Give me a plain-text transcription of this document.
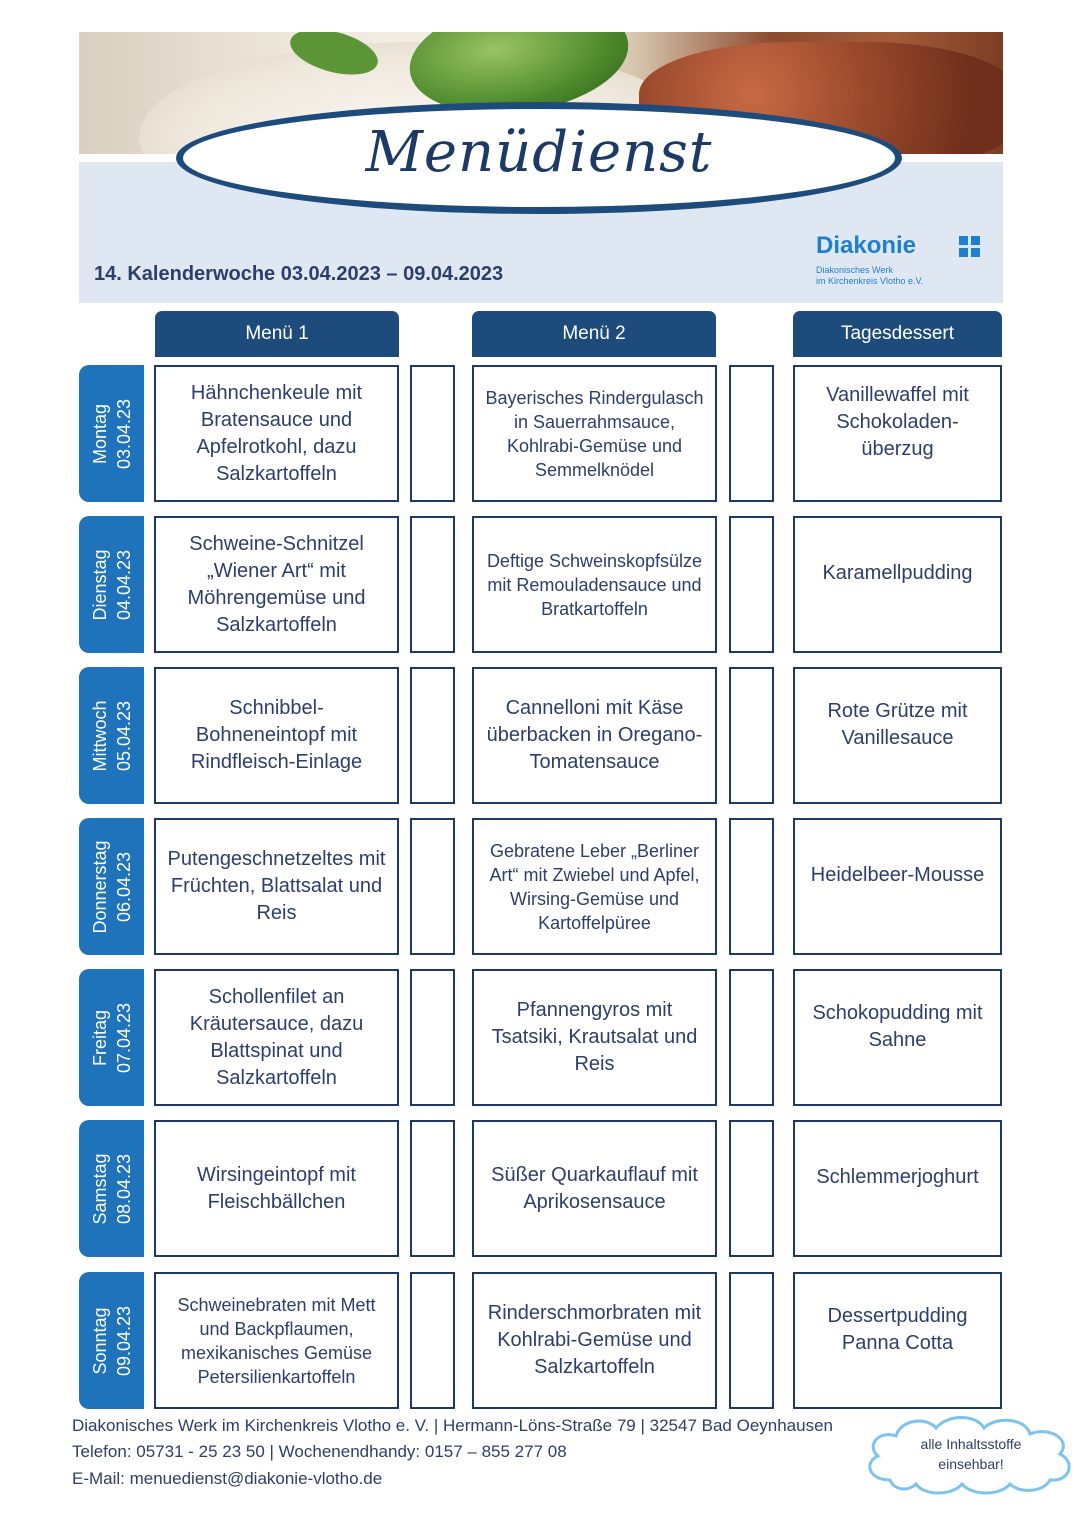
Menüdienst
14. Kalenderwoche 03.04.2023 – 09.04.2023
Diakonie
Diakonisches Werk
im Kirchenkreis Vlotho e.V.
Menü 1	Menü 2	Tagesdessert
Montag 03.04.23
Hähnchenkeule mit Bratensauce und Apfelrotkohl, dazu Salzkartoffeln
Bayerisches Rindergulasch in Sauerrahmsauce, Kohlrabi-Gemüse und Semmelknödel
Vanillewaffel mit Schokoladen-überzug
Dienstag 04.04.23
Schweine-Schnitzel „Wiener Art“ mit Möhrengemüse und Salzkartoffeln
Deftige Schweinskopfsülze mit Remouladensauce und Bratkartoffeln
Karamellpudding
Mittwoch 05.04.23	Schnibbel-Bohneneintopf mit Rindfleisch-Einlage
Cannelloni mit Käse überbacken in Oregano-Tomatensauce
Rote Grütze mit Vanillesauce
Donnerstag 06.04.23	Putengeschnetzeltes mit Früchten, Blattsalat und Reis
Gebratene Leber „Berliner Art“ mit Zwiebel und Apfel, Wirsing-Gemüse und Kartoffelpüree
Heidelbeer-Mousse
Freitag 07.04.23
Schollenfilet an Kräutersauce, dazu Blattspinat und Salzkartoffeln
Pfannengyros mit Tsatsiki, Krautsalat und Reis
Schokopudding mit Sahne
Samstag 08.04.23	Wirsingeintopf mit Fleischbällchen
Süßer Quarkauflauf mit Aprikosensauce
Schlemmerjoghurt
Sonntag 09.04.23
Schweinebraten mit Mett und Backpflaumen, mexikanisches Gemüse Petersilienkartoffeln
Rinderschmorbraten mit Kohlrabi-Gemüse und Salzkartoffeln
Dessertpudding Panna Cotta
Diakonisches Werk im Kirchenkreis Vlotho e. V. | Hermann-Löns-Straße 79 | 32547 Bad Oeynhausen
Telefon: 05731 - 25 23 50 | Wochenendhandy: 0157 – 855 277 08
E-Mail: menuedienst@diakonie-vlotho.de
alle Inhaltsstoffe
einsehbar!
